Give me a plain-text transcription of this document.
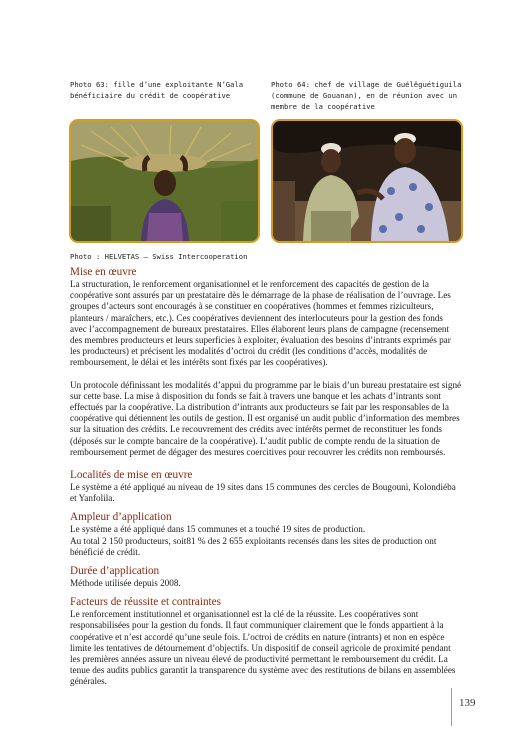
Photo 63: fille d’une exploitante N’Gala bénéficiaire du crédit de coopérative
Photo 64: chef de village de Guélêguétiguila (commune de Gouanan), en de réunion avec un membre de la coopérative
Photo : HELVETAS – Swiss Intercooperation
Mise en œuvre

La structuration, le renforcement organisationnel et le renforcement des capacités de gestion de la coopérative sont assurés par un prestataire dès le démarrage de la phase de réalisation de l’ouvrage. Les groupes d’acteurs sont encouragés à se constituer en coopératives (hommes et femmes riziculteurs, planteurs / maraîchers, etc.). Ces coopératives deviennent des interlocuteurs pour la gestion des fonds avec l’accompagnement de bureaux prestataires. Elles élaborent leurs plans de campagne (recensement des membres producteurs et leurs superficies à exploiter, évaluation des besoins d’intrants exprimés par les producteurs) et précisent les modalités d’octroi du crédit (les conditions d’accès, modalités de remboursement, le délai et les intérêts sont fixés par les coopératives).

Un protocole définissant les modalités d’appui du programme par le biais d’un bureau prestataire est signé sur cette base. La mise à disposition du fonds se fait à travers une banque et les achats d’intrants sont effectués par la coopérative. La distribution d’intrants aux producteurs se fait par les responsables de la coopérative qui détiennent les outils de gestion. Il est organisé un audit public d’information des membres sur la situation des crédits. Le recouvrement des crédits avec intérêts permet de reconstituer les fonds (déposés sur le compte bancaire de la coopérative). L’audit public de compte rendu de la situation de remboursement permet de dégager des mesures coercitives pour recouvrer les crédits non remboursés.

Localités de mise en œuvre

Le système a été appliqué au niveau de 19 sites dans 15 communes des cercles de Bougouni, Kolondiéba et Yanfolila.

Ampleur d’application

Le système a été appliqué dans 15 communes et a touché 19 sites de production.

Au total 2 150 producteurs, soit81 % des 2 655 exploitants recensés dans les sites de production ont bénéficié de crédit.

Durée d’application

Méthode utilisée depuis 2008.

Facteurs de réussite et contraintes

Le renforcement institutionnel et organisationnel est la clé de la réussite. Les coopératives sont responsabilisées pour la gestion du fonds. Il faut communiquer clairement que le fonds appartient à la coopérative et n’est accordé qu’une seule fois. L’octroi de crédits en nature (intrants) et non en espèce limite les tentatives de détournement d’objectifs. Un dispositif de conseil agricole de proximité pendant les premières années assure un niveau élevé de productivité permettant le remboursement du crédit. La tenue des audits publics garantit la transparence du système avec des restitutions de bilans en assemblées générales.

139
